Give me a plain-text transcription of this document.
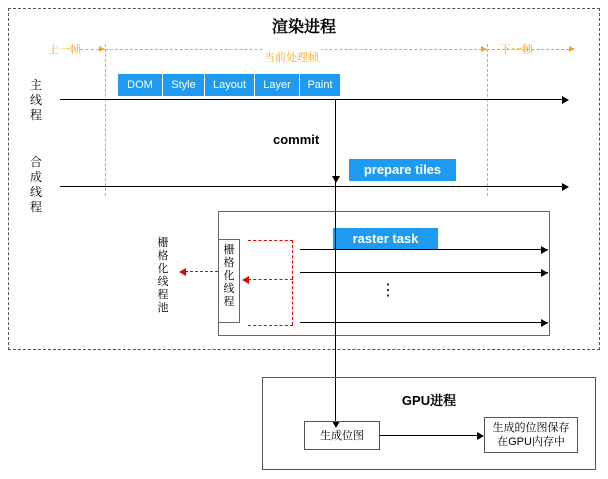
渲染进程
上一帧
当前处理帧
下一帧
主
线
程
DOM	Style	Layout	Layer	Paint
commit
合
成
线
程
prepare tiles
raster task
⋮
栅
格
化
线
程
栅
格
化
线
程
池
GPU进程
生成位图
生成的位图保存
在GPU内存中
